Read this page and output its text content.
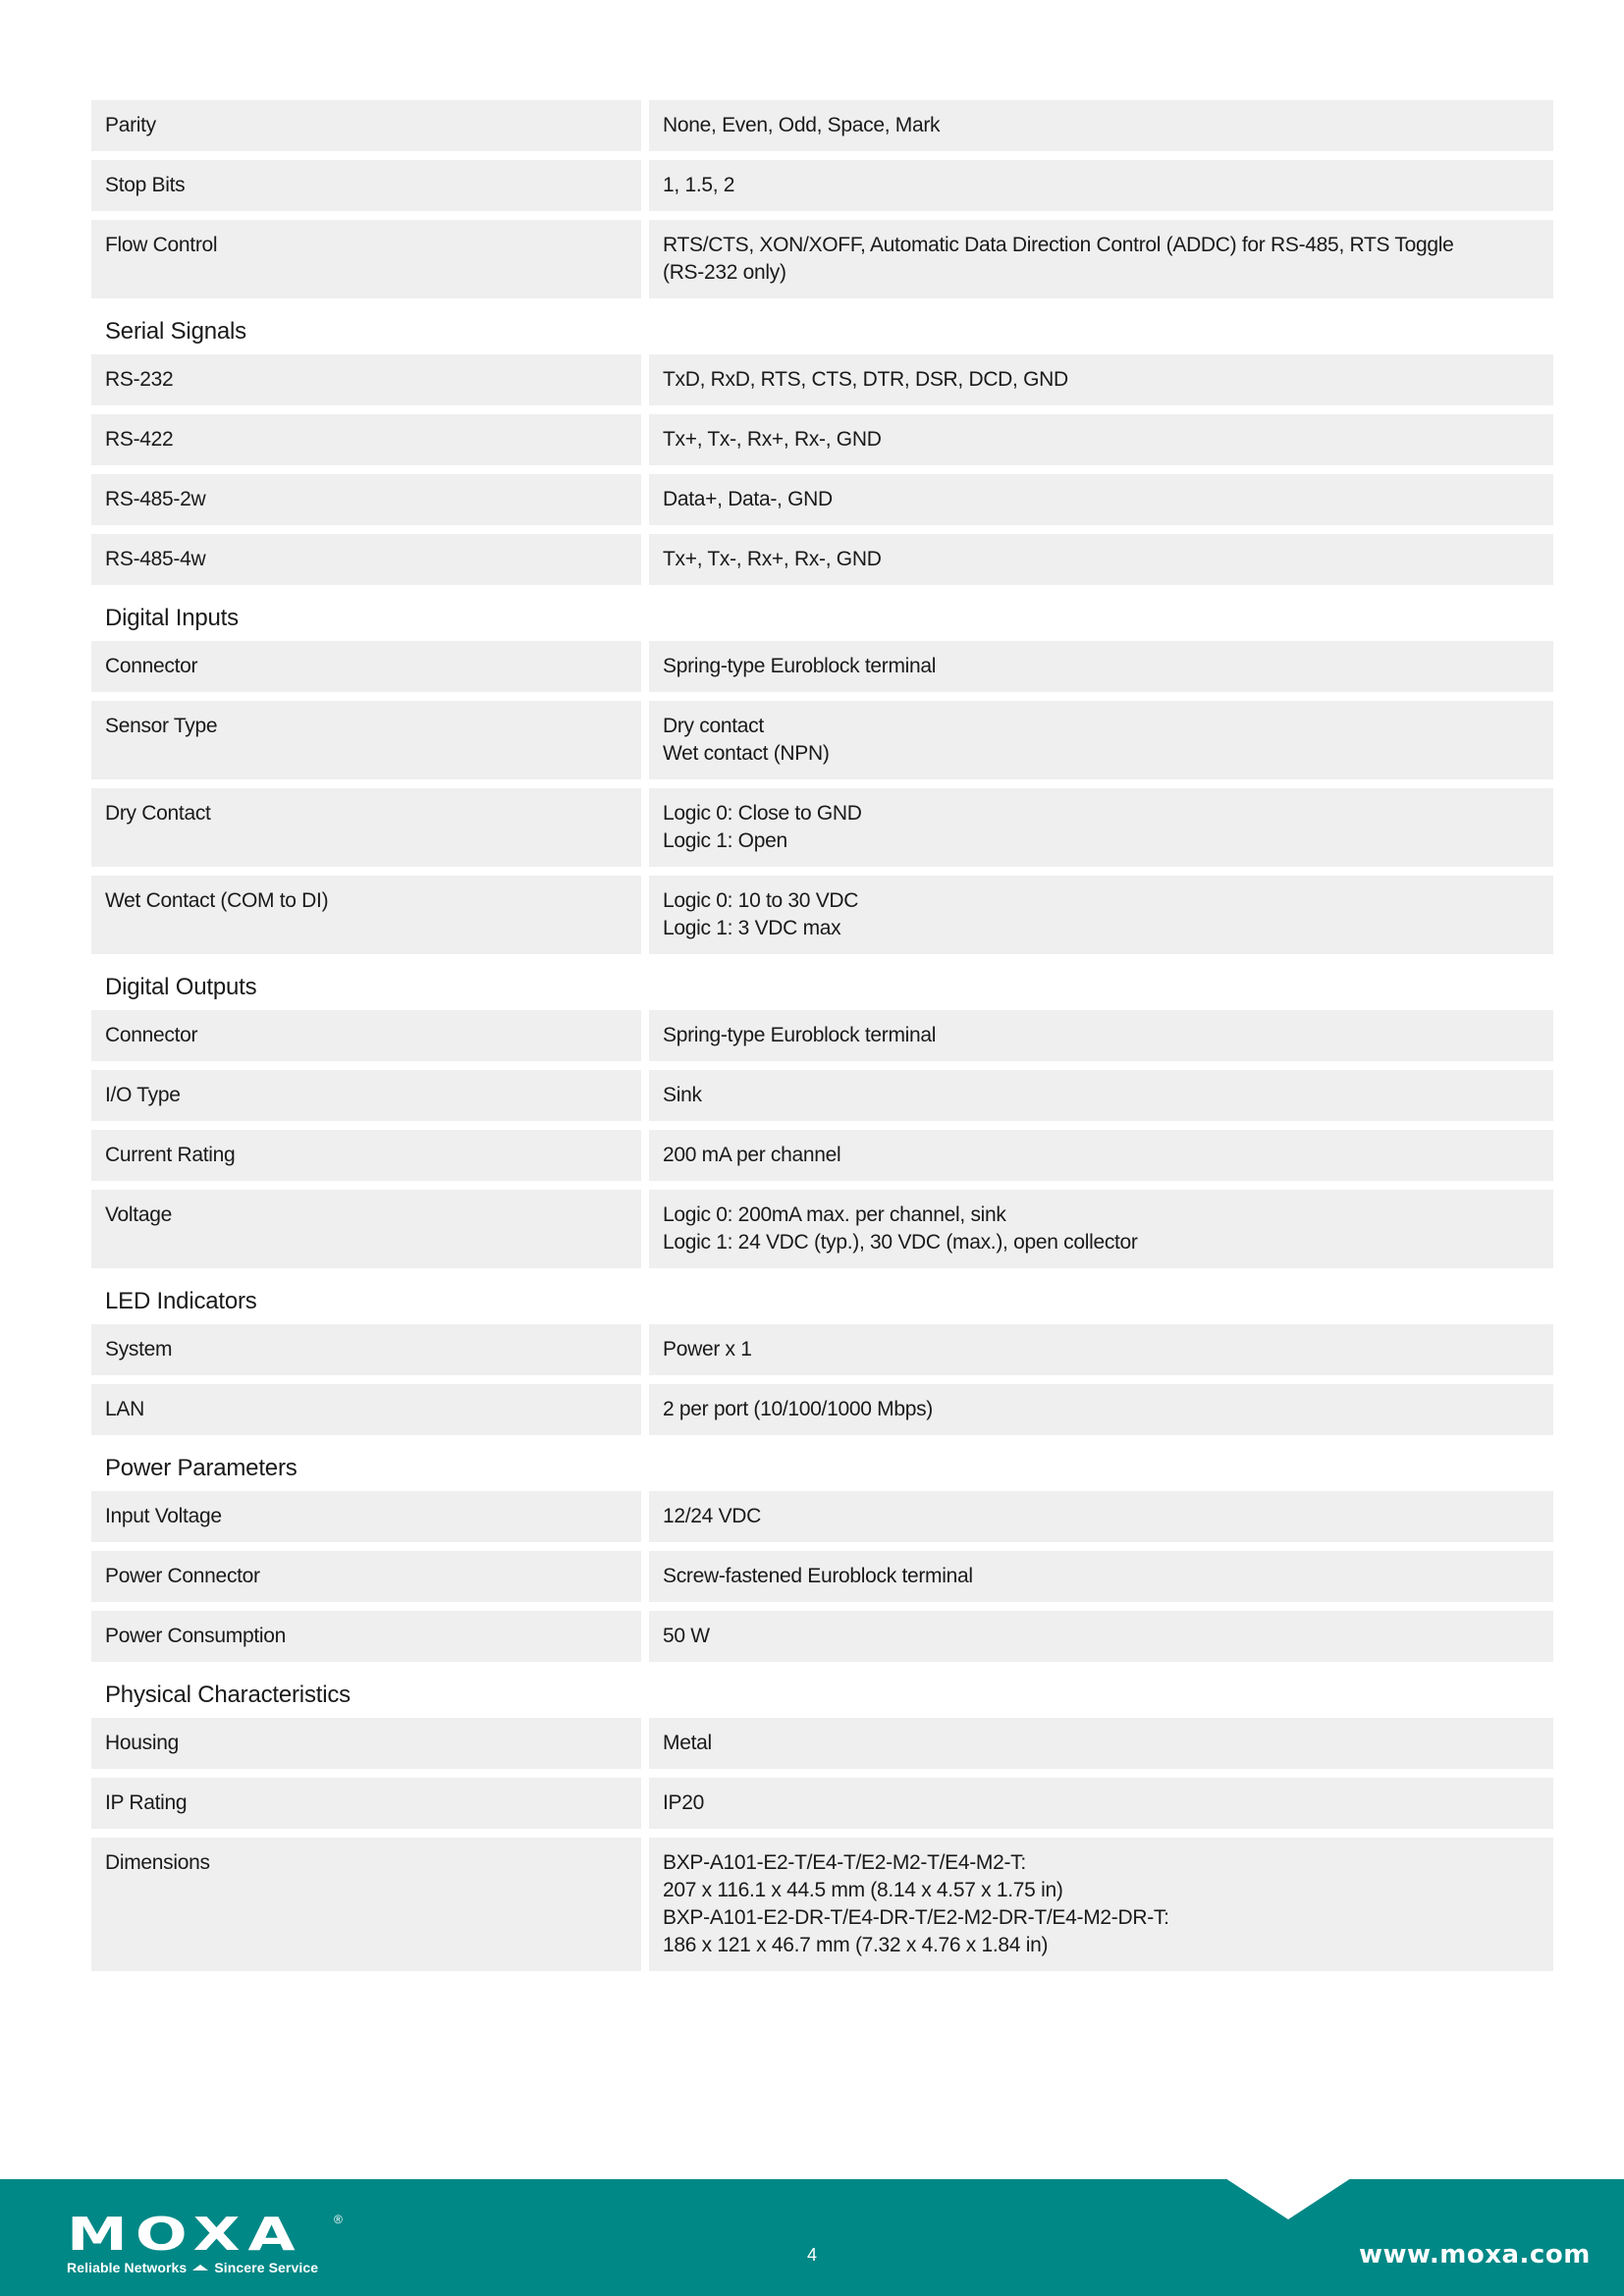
Parity	None, Even, Odd, Space, Mark
Stop Bits	1, 1.5, 2
Flow Control	RTS/CTS, XON/XOFF, Automatic Data Direction Control (ADDC) for RS-485, RTS Toggle
(RS-232 only)
Serial Signals
RS-232	TxD, RxD, RTS, CTS, DTR, DSR, DCD, GND
RS-422	Tx+, Tx-, Rx+, Rx-, GND
RS-485-2w	Data+, Data-, GND
RS-485-4w	Tx+, Tx-, Rx+, Rx-, GND
Digital Inputs
Connector	Spring-type Euroblock terminal
Sensor Type	Dry contact
Wet contact (NPN)
Dry Contact	Logic 0: Close to GND
Logic 1: Open
Wet Contact (COM to DI)	Logic 0: 10 to 30 VDC
Logic 1: 3 VDC max
Digital Outputs
Connector	Spring-type Euroblock terminal
I/O Type	Sink
Current Rating	200 mA per channel
Voltage	Logic 0: 200mA max. per channel, sink
Logic 1: 24 VDC (typ.), 30 VDC (max.), open collector
LED Indicators
System	Power x 1
LAN	2 per port (10/100/1000 Mbps)
Power Parameters
Input Voltage	12/24 VDC
Power Connector	Screw-fastened Euroblock terminal
Power Consumption	50 W
Physical Characteristics
Housing	Metal
IP Rating	IP20
Dimensions	BXP-A101-E2-T/E4-T/E2-M2-T/E4-M2-T:
207 x 116.1 x 44.5 mm (8.14 x 4.57 x 1.75 in)
BXP-A101-E2-DR-T/E4-DR-T/E2-M2-DR-T/E4-M2-DR-T:
186 x 121 x 46.7 mm (7.32 x 4.76 x 1.84 in)
MOXA	®
Reliable Networks Sincere Service
4	www.moxa.com
